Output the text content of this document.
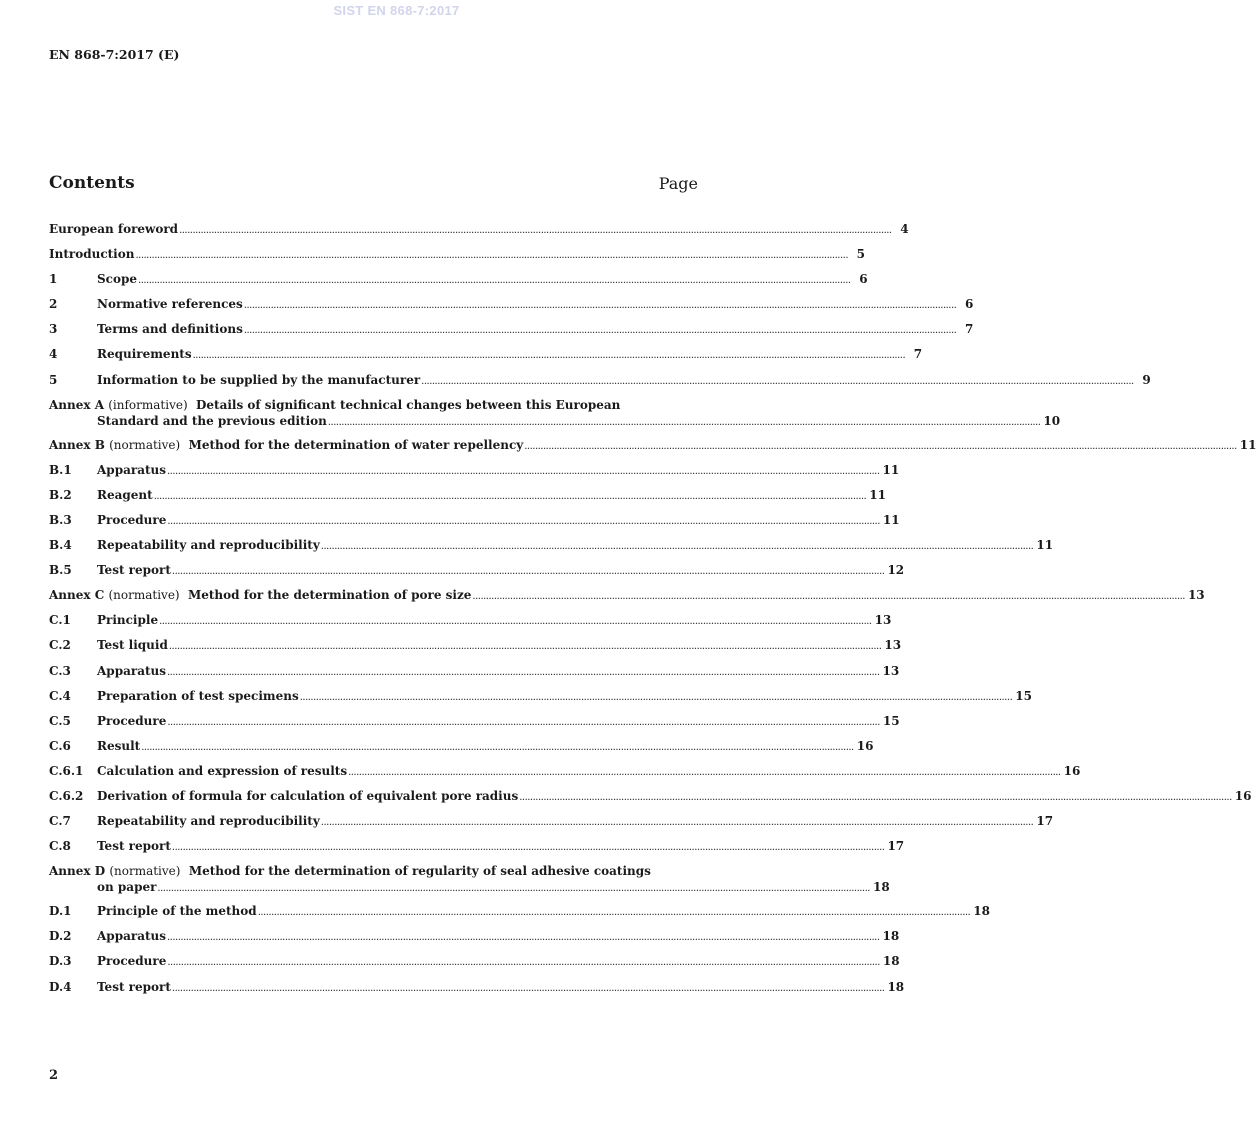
SIST EN 868-7:2017
EN 868-7:2017 (E)
Contents	Page
European foreword .......................................................................................................................................................................................................................................................................... 4
Introduction .......................................................................................................................................................................................................................................................................... 5
1	Scope .......................................................................................................................................................................................................................................................................... 6
2	Normative references .......................................................................................................................................................................................................................................................................... 6
3	Terms and definitions .......................................................................................................................................................................................................................................................................... 7
4	Requirements .......................................................................................................................................................................................................................................................................... 7
5	Information to be supplied by the manufacturer .......................................................................................................................................................................................................................................................................... 9
Annex A
(informative)
Details of significant technical changes between this European
Standard and the previous edition .......................................................................................................................................................................................................................................................................... 10
Annex B (normative) Method for the determination of water repellency .......................................................................................................................................................................................................................................................................... 11
B.1	Apparatus .......................................................................................................................................................................................................................................................................... 11
B.2	Reagent .......................................................................................................................................................................................................................................................................... 11
B.3	Procedure .......................................................................................................................................................................................................................................................................... 11
B.4	Repeatability and reproducibility .......................................................................................................................................................................................................................................................................... 11
B.5	Test report .......................................................................................................................................................................................................................................................................... 12
Annex C (normative) Method for the determination of pore size .......................................................................................................................................................................................................................................................................... 13
C.1	Principle .......................................................................................................................................................................................................................................................................... 13
C.2	Test liquid .......................................................................................................................................................................................................................................................................... 13
C.3	Apparatus .......................................................................................................................................................................................................................................................................... 13
C.4	Preparation of test specimens .......................................................................................................................................................................................................................................................................... 15
C.5	Procedure .......................................................................................................................................................................................................................................................................... 15
C.6	Result .......................................................................................................................................................................................................................................................................... 16
C.6.1	Calculation and expression of results .......................................................................................................................................................................................................................................................................... 16
C.6.2	Derivation of formula for calculation of equivalent pore radius .......................................................................................................................................................................................................................................................................... 16
C.7	Repeatability and reproducibility .......................................................................................................................................................................................................................................................................... 17
C.8	Test report .......................................................................................................................................................................................................................................................................... 17
Annex D
(normative)
Method for the determination of regularity of seal adhesive coatings
on paper .......................................................................................................................................................................................................................................................................... 18
D.1	Principle of the method .......................................................................................................................................................................................................................................................................... 18
D.2	Apparatus .......................................................................................................................................................................................................................................................................... 18
D.3	Procedure .......................................................................................................................................................................................................................................................................... 18
D.4	Test report .......................................................................................................................................................................................................................................................................... 18
2
